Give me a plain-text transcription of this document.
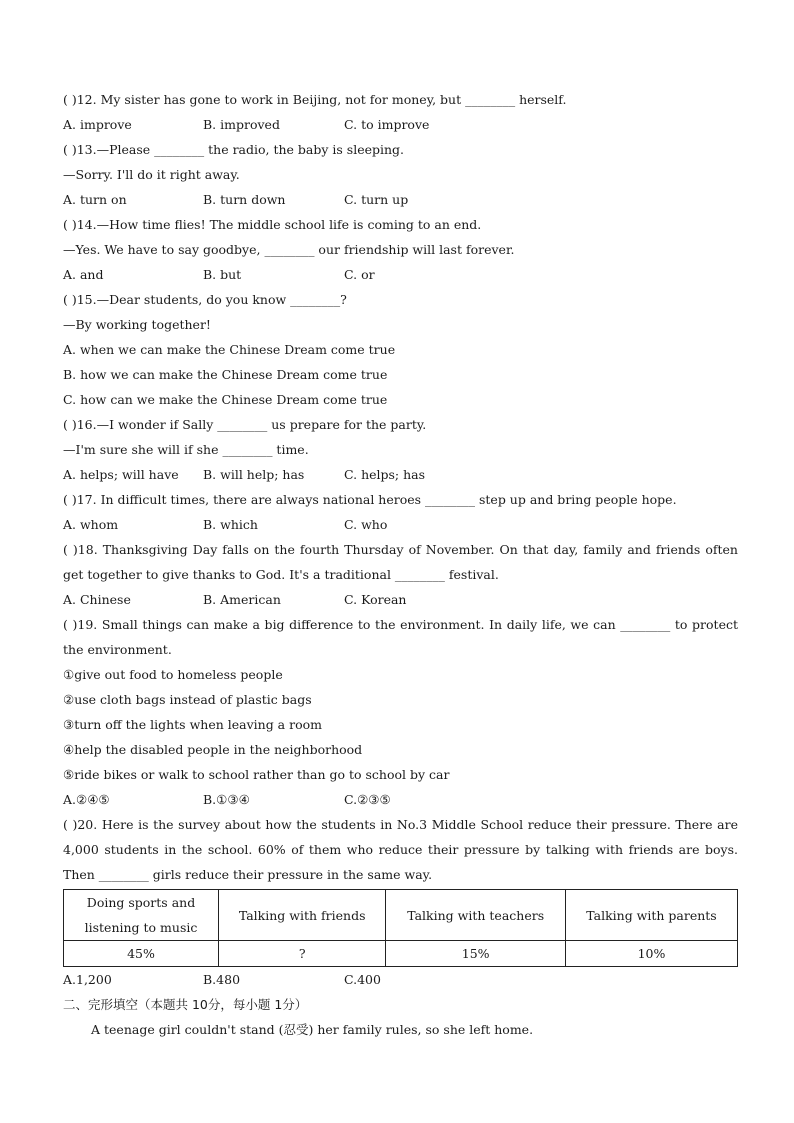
( )12. My sister has gone to work in Beijing, not for money, but ________ herself.
A. improve	B. improved	C. to improve
( )13.—Please ________ the radio, the baby is sleeping.
—Sorry. I'll do it right away.
A. turn on	B. turn down	C. turn up
( )14.—How time flies! The middle school life is coming to an end.
—Yes. We have to say goodbye, ________ our friendship will last forever.
A. and	B. but	C. or
( )15.—Dear students, do you know ________?
—By working together!
A. when we can make the Chinese Dream come true
B. how we can make the Chinese Dream come true
C. how can we make the Chinese Dream come true
( )16.—I wonder if Sally ________ us prepare for the party.
—I'm sure she will if she ________ time.
A. helps; will have	B. will help; has	C. helps; has
( )17. In difficult times, there are always national heroes ________ step up and bring people hope.
A. whom	B. which	C. who
( )18. Thanksgiving Day falls on the fourth Thursday of November. On that day, family and friends often get together to give thanks to God. It's a traditional ________ festival.
A. Chinese	B. American	C. Korean
( )19. Small things can make a big difference to the environment. In daily life, we can ________ to protect the environment.
①give out food to homeless people
②use cloth bags instead of plastic bags
③turn off the lights when leaving a room
④help the disabled people in the neighborhood
⑤ride bikes or walk to school rather than go to school by car
A.②④⑤	B.①③④	C.②③⑤
( )20. Here is the survey about how the students in No.3 Middle School reduce their pressure. There are 4,000 students in the school. 60% of them who reduce their pressure by talking with friends are boys. Then ________ girls reduce their pressure in the same way.
Doing sports and listening to music	Talking with friends	Talking with teachers	Talking with parents
45%	?	15%	10%
A.1,200	B.480	C.400
二、完形填空（本题共 10分，每小题 1分）
A teenage girl couldn't stand (忍受) her family rules, so she left home.
